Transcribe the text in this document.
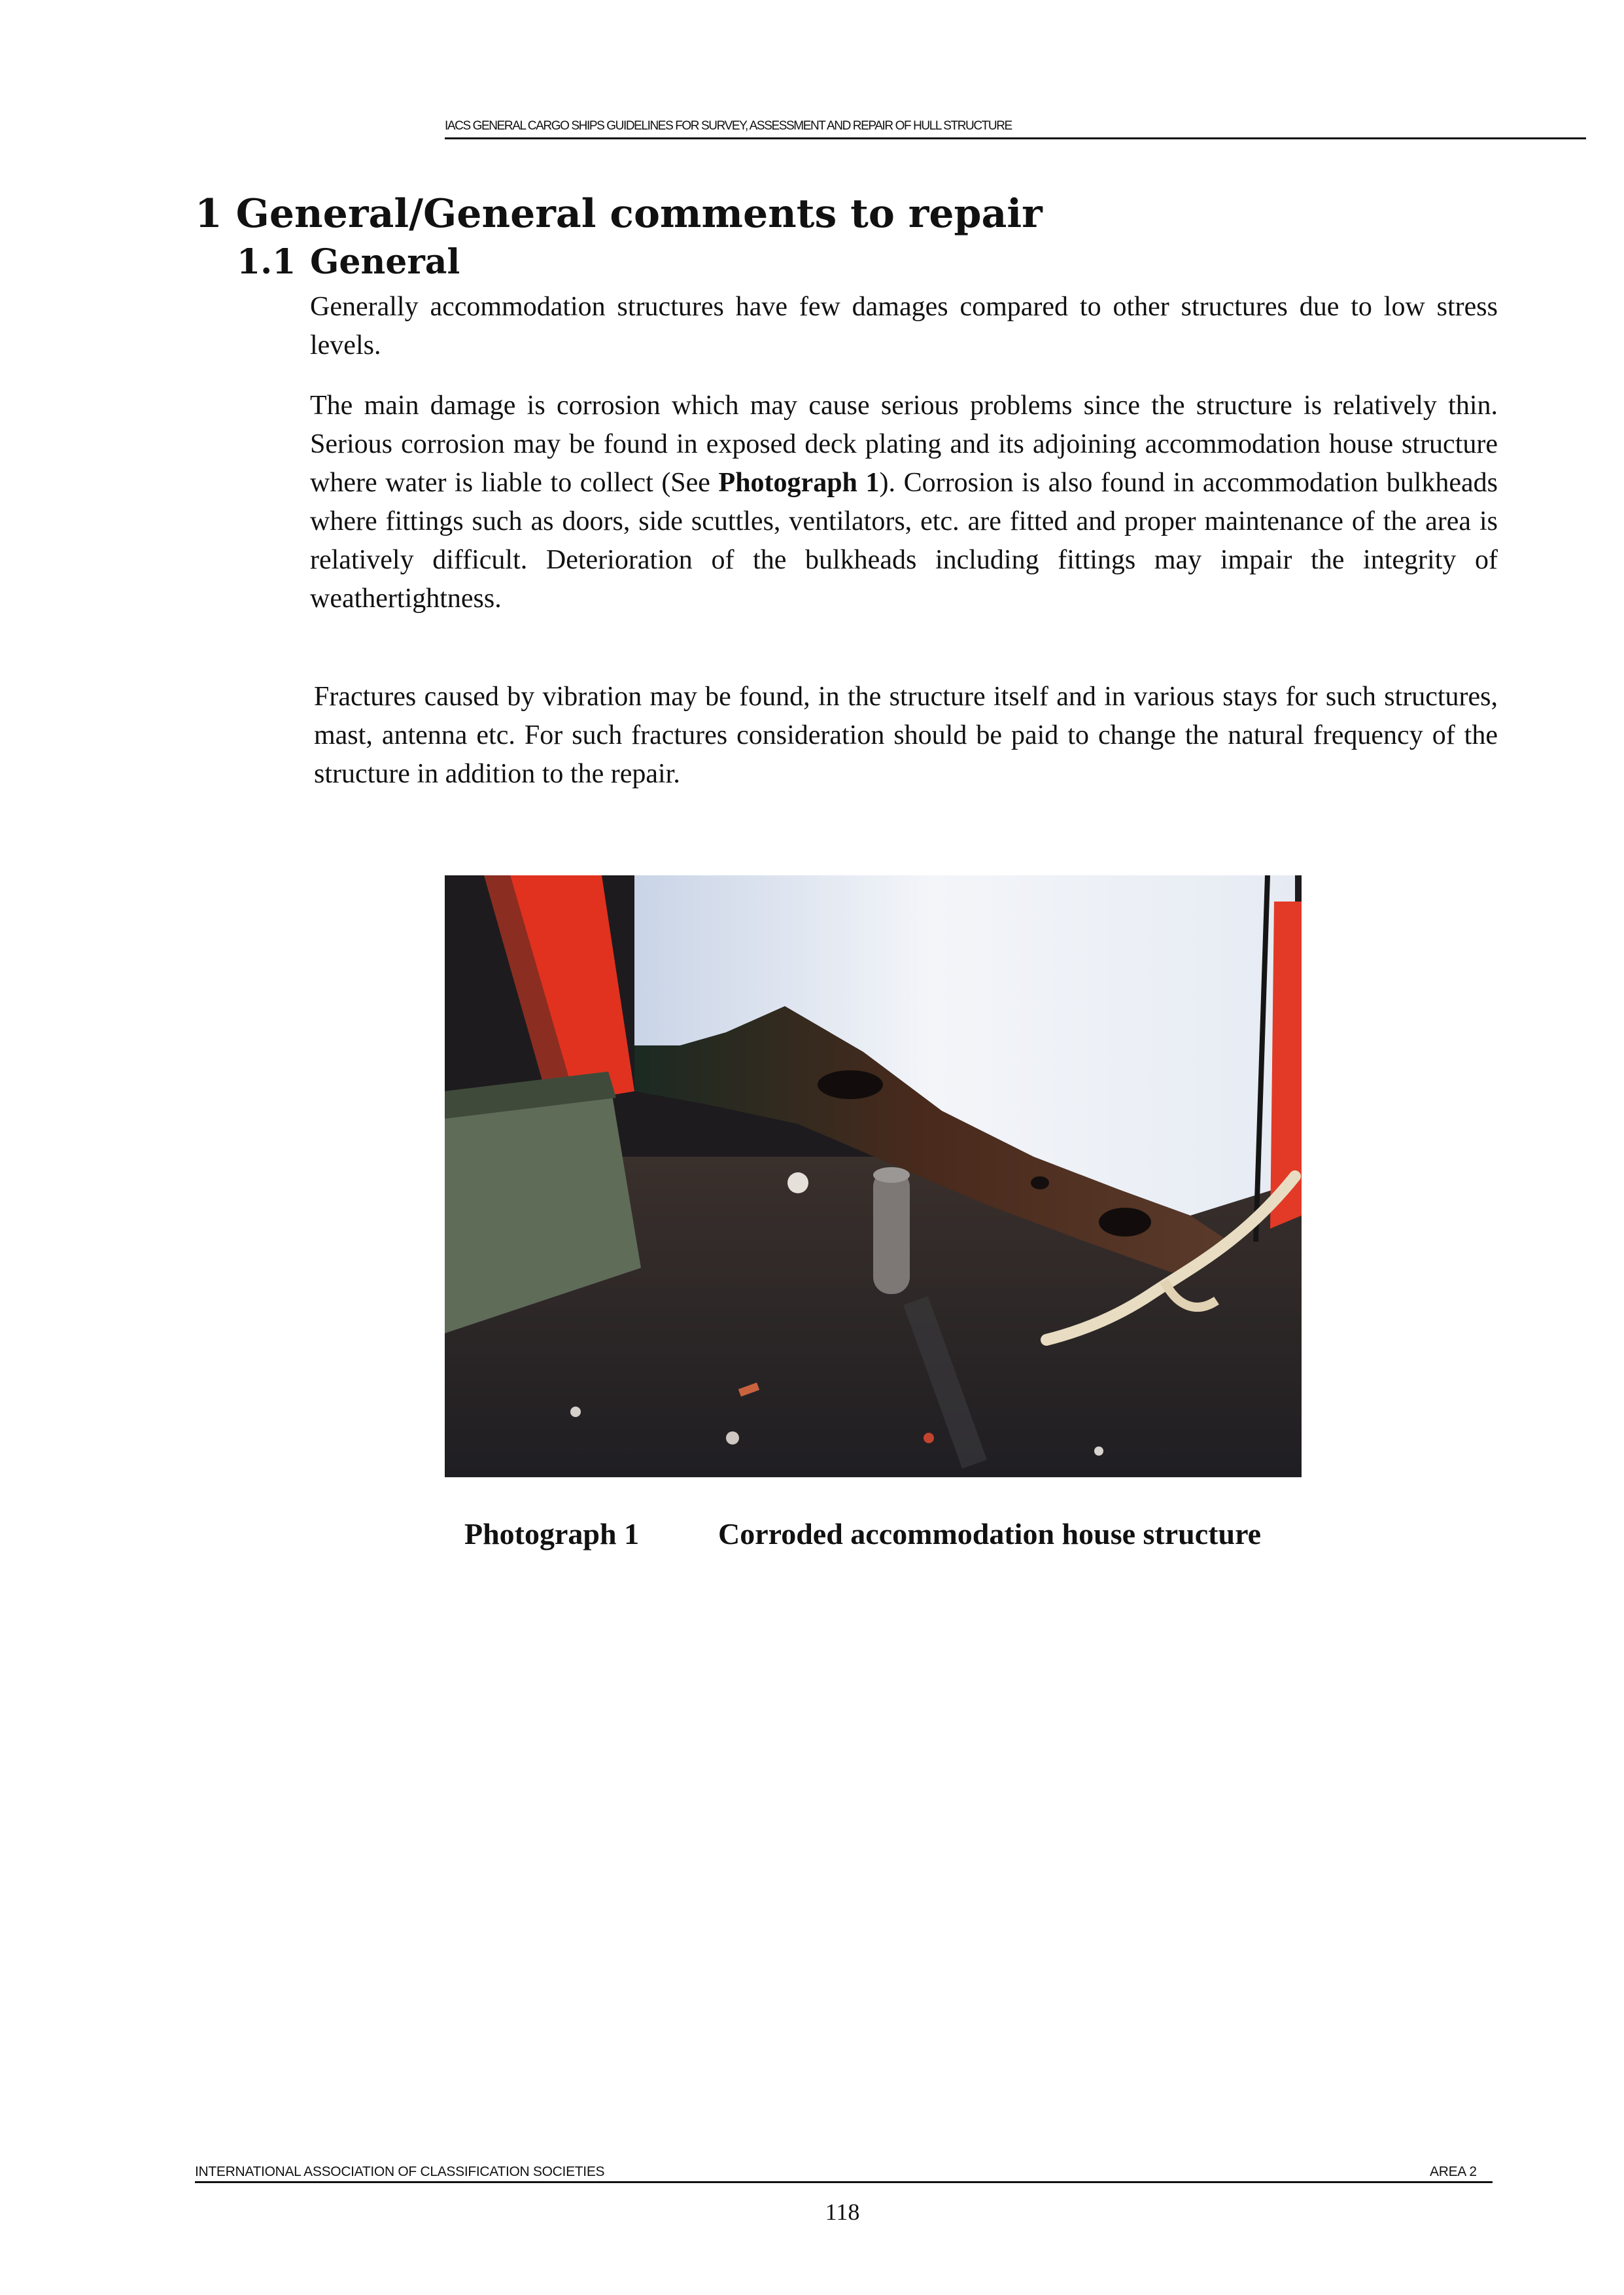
IACS GENERAL CARGO SHIPS GUIDELINES FOR SURVEY, ASSESSMENT AND REPAIR OF HULL STRUCTURE
1 General/General comments to repair
1.1 General
Generally accommodation structures have few damages compared to other structures due to low stress levels.
The main damage is corrosion which may cause serious problems since the structure is relatively thin. Serious corrosion may be found in exposed deck plating and its adjoining accommodation house structure where water is liable to collect (See Photograph 1). Corrosion is also found in accommodation bulkheads where fittings such as doors, side scuttles, ventilators, etc. are fitted and proper maintenance of the area is relatively difficult. Deterioration of the bulkheads including fittings may impair the integrity of weathertightness.
Fractures caused by vibration may be found, in the structure itself and in various stays for such structures, mast, antenna etc. For such fractures consideration should be paid to change the natural frequency of the structure in addition to the repair.
Photograph 1	Corroded accommodation house structure
INTERNATIONAL ASSOCIATION OF CLASSIFICATION SOCIETIES	AREA 2
118
